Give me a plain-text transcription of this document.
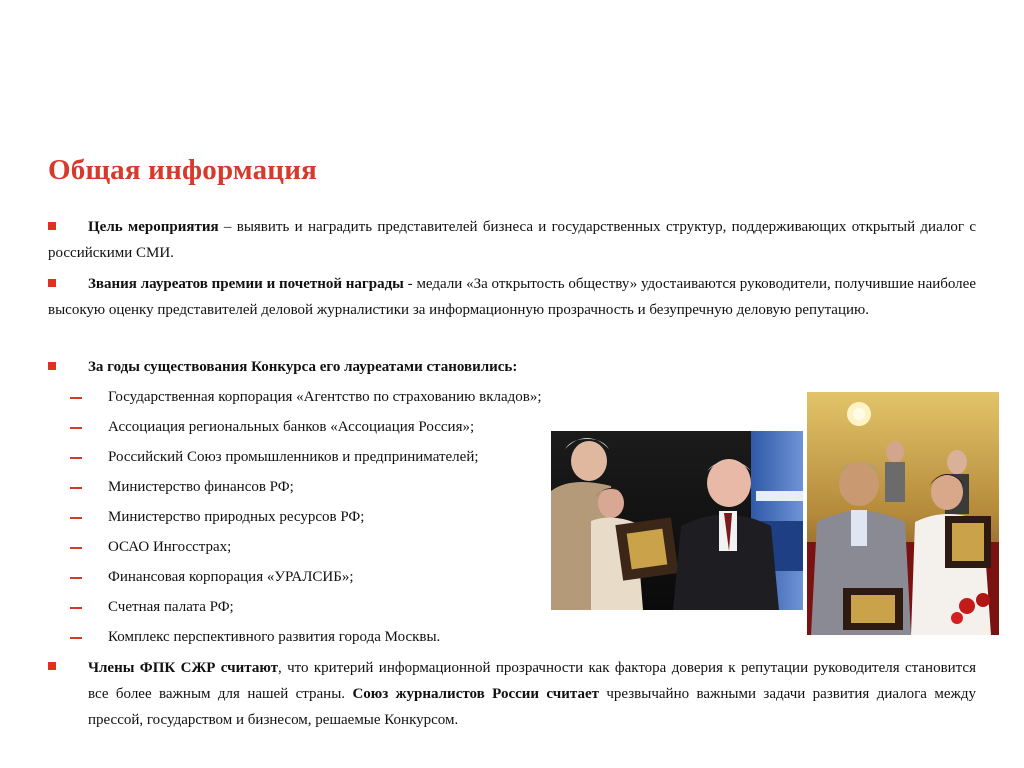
Общая информация
Цель мероприятия – выявить и наградить представителей бизнеса и государственных структур, поддерживающих открытый диалог с российскими СМИ.
Звания лауреатов премии и почетной награды - медали «За открытость обществу» удостаиваются руководители, получившие наиболее высокую оценку представителей деловой журналистики за информационную прозрачность и безупречную деловую репутацию.
За годы существования Конкурса его лауреатами становились:
Государственная корпорация «Агентство по страхованию вкладов»;
Ассоциация региональных банков «Ассоциация Россия»;
Российский Союз промышленников и предпринимателей;
Министерство финансов РФ;
Министерство природных ресурсов РФ;
ОСАО Ингосстрах;
Финансовая корпорация «УРАЛСИБ»;
Счетная палата РФ;
Комплекс перспективного развития города Москвы.
Члены ФПК СЖР считают, что критерий информационной прозрачности как фактора доверия к репутации руководителя становится все более важным для нашей страны. Союз журналистов России считает чрезвычайно важными задачи развития диалога между прессой, государством и бизнесом, решаемые Конкурсом.
